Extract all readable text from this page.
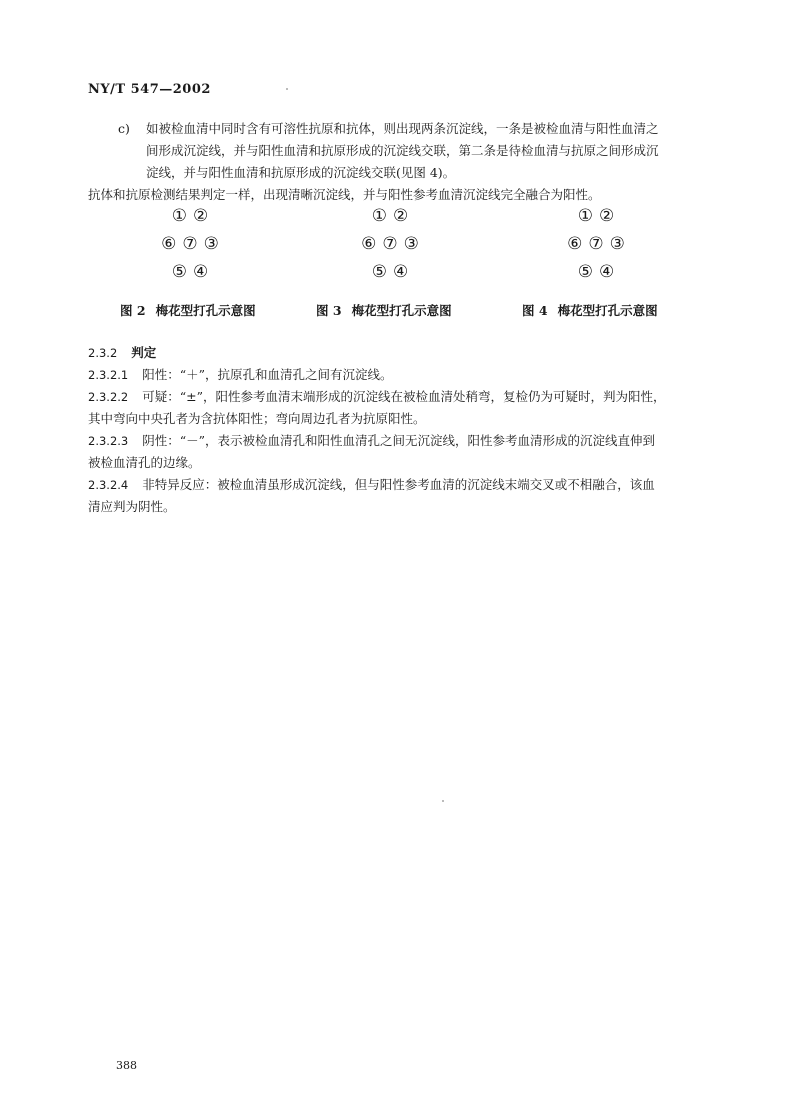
NY/T 547—2002
c) 如被检血清中同时含有可溶性抗原和抗体，则出现两条沉淀线，一条是被检血清与阳性血清之
间形成沉淀线，并与阳性血清和抗原形成的沉淀线交联，第二条是待检血清与抗原之间形成沉
淀线，并与阳性血清和抗原形成的沉淀线交联(见图 4)。
抗体和抗原检测结果判定一样，出现清晰沉淀线，并与阳性参考血清沉淀线完全融合为阳性。
① ②
⑥ ⑦ ③
⑤ ④
① ②
⑥ ⑦ ③
⑤ ④
① ②
⑥ ⑦ ③
⑤ ④
图 2 梅花型打孔示意图	图 3 梅花型打孔示意图	图 4 梅花型打孔示意图
2.3.2 判定
2.3.2.1 阳性：“＋”，抗原孔和血清孔之间有沉淀线。
2.3.2.2 可疑：“±”，阳性参考血清末端形成的沉淀线在被检血清处稍弯，复检仍为可疑时，判为阳性，
其中弯向中央孔者为含抗体阳性；弯向周边孔者为抗原阳性。
2.3.2.3 阴性：“－”，表示被检血清孔和阳性血清孔之间无沉淀线，阳性参考血清形成的沉淀线直伸到
被检血清孔的边缘。
2.3.2.4 非特异反应：被检血清虽形成沉淀线，但与阳性参考血清的沉淀线末端交叉或不相融合，该血
清应判为阴性。
388
